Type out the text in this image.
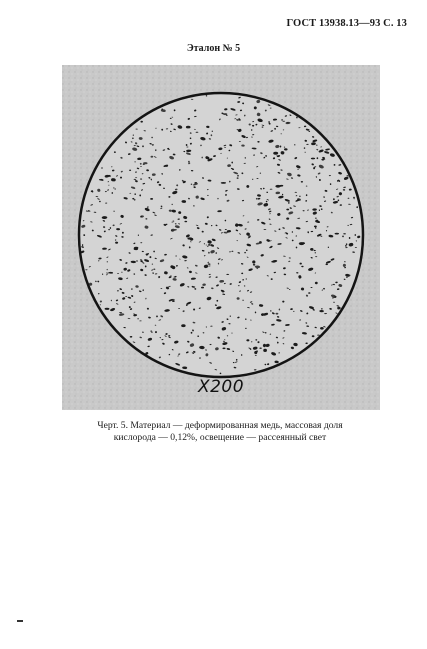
ГОСТ 13938.13—93 С. 13
Эталон № 5
X200
Черт. 5. Материал — деформированная медь, массовая доля
кислорода — 0,12%, освещение — рассеянный свет
